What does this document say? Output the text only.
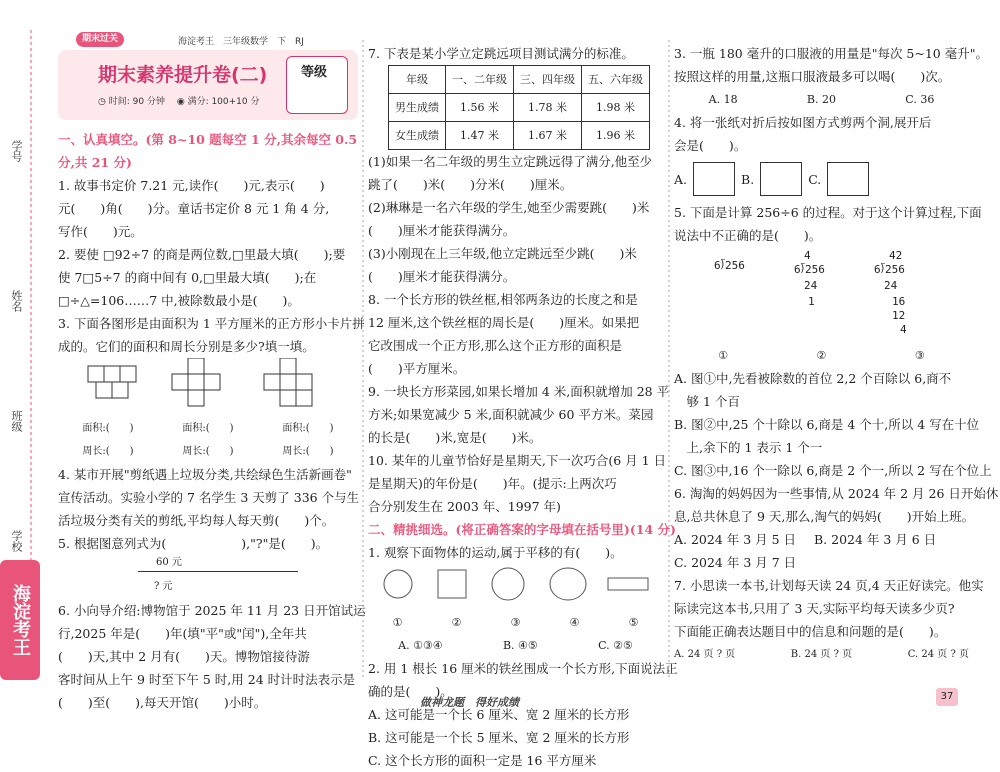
学号
姓名
班级
学校
海淀考王
期末过关	海淀考王　三年级数学　下　RJ
期末素养提升卷(二)
◷ 时间: 90 分钟 　◉ 满分: 100+10 分
等级
一、认真填空。(第 8~10 题每空 1 分,其余每空 0.5 分,共 21 分)
1. 故事书定价 7.21 元,读作(　　)元,表示(　　)
元(　　)角(　　)分。童话书定价 8 元 1 角 4 分,
写作(　　)元。
2. 要使 □92÷7 的商是两位数,□里最大填(　　);要
使 7□5÷7 的商中间有 0,□里最大填(　　);在
□÷△=106……7 中,被除数最小是(　　)。
3. 下面各图形是由面积为 1 平方厘米的正方形小卡片拼
成的。它们的面积和周长分别是多少?填一填。
面积:(　　)
周长:(　　)
面积:(　　)
周长:(　　)
面积:(　　)
周长:(　　)
4. 某市开展"剪纸遇上垃圾分类,共绘绿色生活新画卷"
宣传活动。实验小学的 7 名学生 3 天剪了 336 个与生
活垃圾分类有关的剪纸,平均每人每天剪(　　)个。
5. 根据图意列式为(　　　　　　),"?"是(　　)。
60 元
? 元
6. 小向导介绍:博物馆于 2025 年 11 月 23 日开馆试运
行,2025 年是(　　)年(填"平"或"闰"),全年共
(　　)天,其中 2 月有(　　)天。博物馆接待游
客时间从上午 9 时至下午 5 时,用 24 时计时法表示是
(　　)至(　　),每天开馆(　　)小时。
7. 下表是某小学立定跳远项目测试满分的标准。
年级	一、二年级	三、四年级	五、六年级
男生成绩	1.56 米	1.78 米	1.98 米
女生成绩	1.47 米	1.67 米	1.96 米
(1)如果一名二年级的男生立定跳远得了满分,他至少
跳了(　　)米(　　)分米(　　)厘米。
(2)琳琳是一名六年级的学生,她至少需要跳(　　)米
(　　)厘米才能获得满分。
(3)小刚现在上三年级,他立定跳远至少跳(　　)米
(　　)厘米才能获得满分。
8. 一个长方形的铁丝框,相邻两条边的长度之和是
12 厘米,这个铁丝框的周长是(　　)厘米。如果把
它改围成一个正方形,那么这个正方形的面积是
(　　)平方厘米。
9. 一块长方形菜园,如果长增加 4 米,面积就增加 28 平
方米;如果宽减少 5 米,面积就减少 60 平方米。菜园
的长是(　　)米,宽是(　　)米。
10. 某年的儿童节恰好是星期天,下一次巧合(6 月 1 日
是星期天)的年份是(　　)年。(提示:上两次巧
合分别发生在 2003 年、1997 年)
二、精挑细选。(将正确答案的字母填在括号里)(14 分)
1. 观察下面物体的运动,属于平移的有(　　)。
①	②	③	④	⑤
A. ①③④	B. ④⑤	C. ②⑤
2. 用 1 根长 16 厘米的铁丝围成一个长方形,下面说法正
确的是(　　)。
A. 这可能是一个长 6 厘米、宽 2 厘米的长方形
B. 这可能是一个长 5 厘米、宽 2 厘米的长方形
C. 这个长方形的面积一定是 16 平方厘米
3. 一瓶 180 毫升的口服液的用量是"每次 5~10 毫升"。
按照这样的用量,这瓶口服液最多可以喝(　　)次。
A. 18	B. 20	C. 36
4. 将一张纸对折后按如图方式剪两个洞,展开后
会是(　　)。
A.	B.	C.
5. 下面是计算 256÷6 的过程。对于这个计算过程,下面
说法中不正确的是(　　)。
6⟌256
4
6⟌256
24
1
42
6⟌256
24
16
12
4
①	②	③
A. 图①中,先看被除数的首位 2,2 个百除以 6,商不
　够 1 个百
B. 图②中,25 个十除以 6,商是 4 个十,所以 4 写在十位
　上,余下的 1 表示 1 个一
C. 图③中,16 个一除以 6,商是 2 个一,所以 2 写在个位上
6. 淘淘的妈妈因为一些事情,从 2024 年 2 月 26 日开始休
息,总共休息了 9 天,那么,淘气的妈妈(　　)开始上班。
A. 2024 年 3 月 5 日 B. 2024 年 3 月 6 日
C. 2024 年 3 月 7 日
7. 小思读一本书,计划每天读 24 页,4 天正好读完。他实
际读完这本书,只用了 3 天,实际平均每天读多少页?
下面能正确表达题目中的信息和问题的是(　　)。
A. 24 页 ? 页	B. 24 页 ? 页	C. 24 页 ? 页
做神龙题　得好成绩	37
